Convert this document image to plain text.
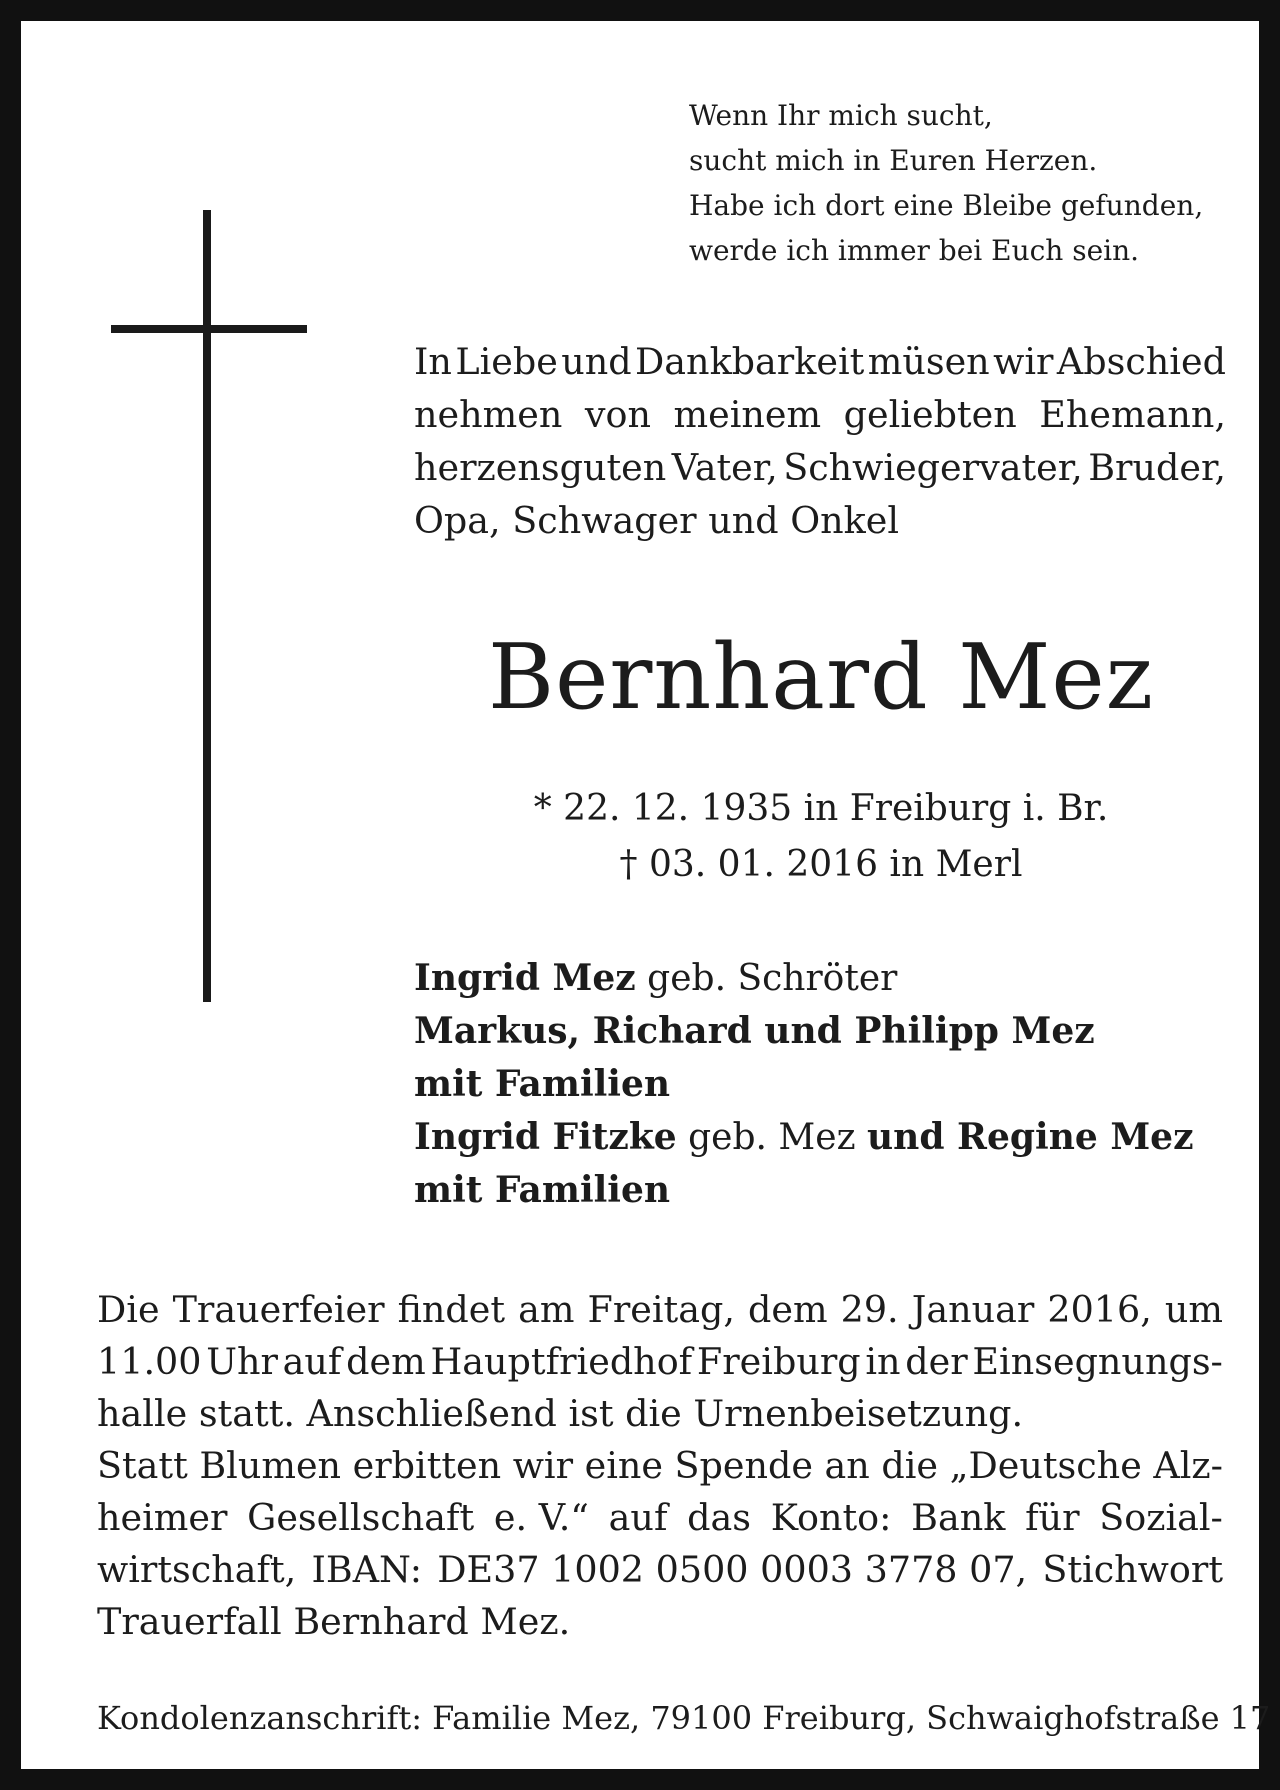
Wenn Ihr mich sucht,
sucht mich in Euren Herzen.
Habe ich dort eine Bleibe gefunden,
werde ich immer bei Euch sein.
In Liebe und Dankbarkeit müsen wir Abschied
nehmen von meinem geliebten Ehemann,
herzensguten Vater, Schwiegervater, Bruder,
Opa, Schwager und Onkel
Bernhard Mez
* 22. 12. 1935 in Freiburg i. Br.
† 03. 01. 2016 in Merl
Ingrid Mez geb. Schröter
Markus, Richard und Philipp Mez
mit Familien
Ingrid Fitzke geb. Mez und Regine Mez
mit Familien
Die Trauerfeier findet am Freitag, dem 29. Januar 2016, um
11.00 Uhr auf dem Hauptfriedhof Freiburg in der Einsegnungs-
halle statt. Anschließend ist die Urnenbeisetzung.
Statt Blumen erbitten wir eine Spende an die „Deutsche Alz-
heimer Gesellschaft e. V.“ auf das Konto: Bank für Sozial-
wirtschaft, IBAN: DE37 1002 0500 0003 3778 07, Stichwort
Trauerfall Bernhard Mez.
Kondolenzanschrift: Familie Mez, 79100 Freiburg, Schwaighofstraße 17
